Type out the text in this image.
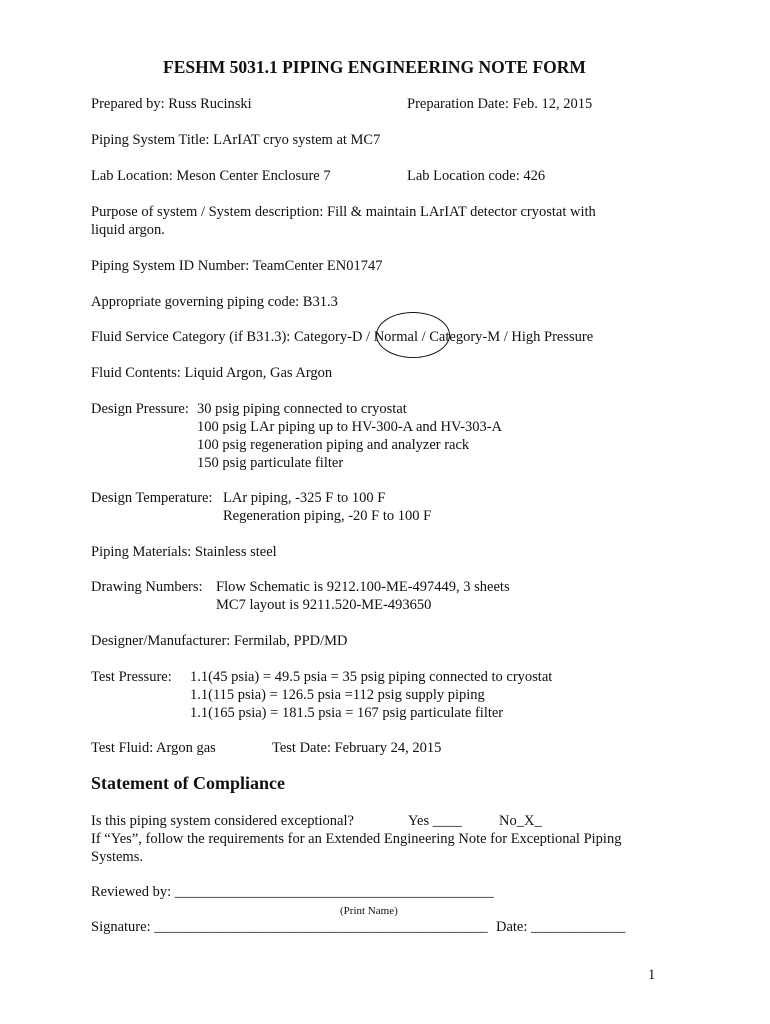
FESHM 5031.1 PIPING ENGINEERING NOTE FORM
Prepared by: Russ Rucinski	Preparation Date: Feb. 12, 2015
Piping System Title: LArIAT cryo system at MC7
Lab Location: Meson Center Enclosure 7	Lab Location code: 426
Purpose of system / System description: Fill & maintain LArIAT detector cryostat with
liquid argon.
Piping System ID Number: TeamCenter EN01747
Appropriate governing piping code: B31.3
Fluid Service Category (if B31.3): Category-D / Normal / Category-M / High Pressure
Fluid Contents: Liquid Argon, Gas Argon
Design Pressure: 30 psig piping connected to cryostat
100 psig LAr piping up to HV-300-A and HV-303-A
100 psig regeneration piping and analyzer rack
150 psig particulate filter
Design Temperature: LAr piping, -325 F to 100 F
Regeneration piping, -20 F to 100 F
Piping Materials: Stainless steel
Drawing Numbers: Flow Schematic is 9212.100-ME-497449, 3 sheets
MC7 layout is 9211.520-ME-493650
Designer/Manufacturer: Fermilab, PPD/MD
Test Pressure: 1.1(45 psia) = 49.5 psia = 35 psig piping connected to cryostat
1.1(115 psia) = 126.5 psia =112 psig supply piping
1.1(165 psia) = 181.5 psia = 167 psig particulate filter
Test Fluid: Argon gas	Test Date: February 24, 2015
Statement of Compliance
Is this piping system considered exceptional?	Yes ____	No_X_
If “Yes”, follow the requirements for an Extended Engineering Note for Exceptional Piping
Systems.
Reviewed by: ____________________________________________
(Print Name)
Signature: ______________________________________________ Date: _____________
1
